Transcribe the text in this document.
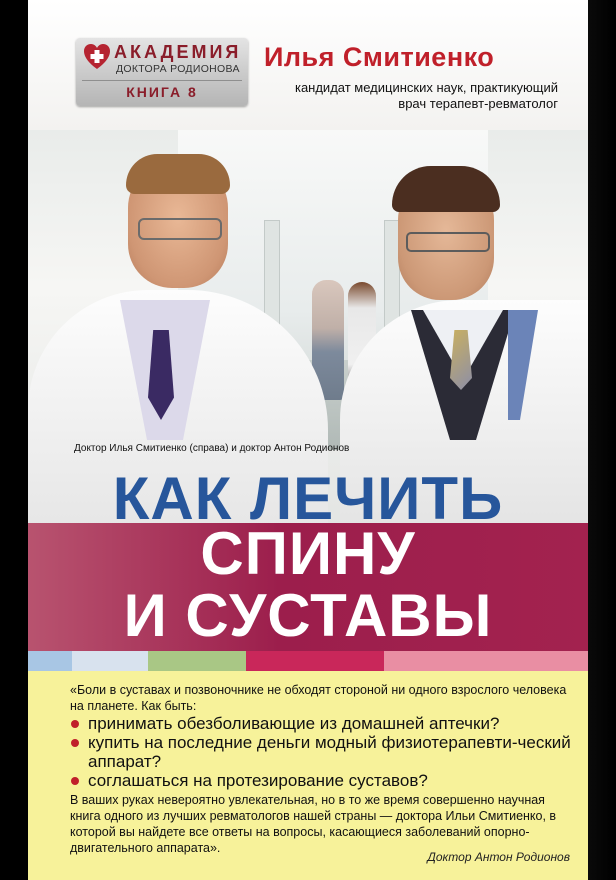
АКАДЕМИЯ
ДОКТОРА РОДИОНОВА
КНИГА 8
Илья Смитиенко
кандидат медицинских наук, практикующий
врач терапевт-ревматолог
Доктор Илья Смитиенко (справа) и доктор Антон Родионов
КАК ЛЕЧИТЬ
СПИНУ
И СУСТАВЫ
«Боли в суставах и позвоночнике не обходят стороной ни одного взрослого человека на планете. Как быть:
принимать обезболивающие из домашней аптечки?
купить на последние деньги модный физиотерапевти-ческий аппарат?
соглашаться на протезирование суставов?
В ваших руках невероятно увлекательная, но в то же время совершенно научная книга одного из лучших ревматологов нашей страны — доктора Ильи Смитиенко, в которой вы найдете все ответы на вопросы, касающиеся заболеваний опорно-двигательного аппарата».
Доктор Антон Родионов
